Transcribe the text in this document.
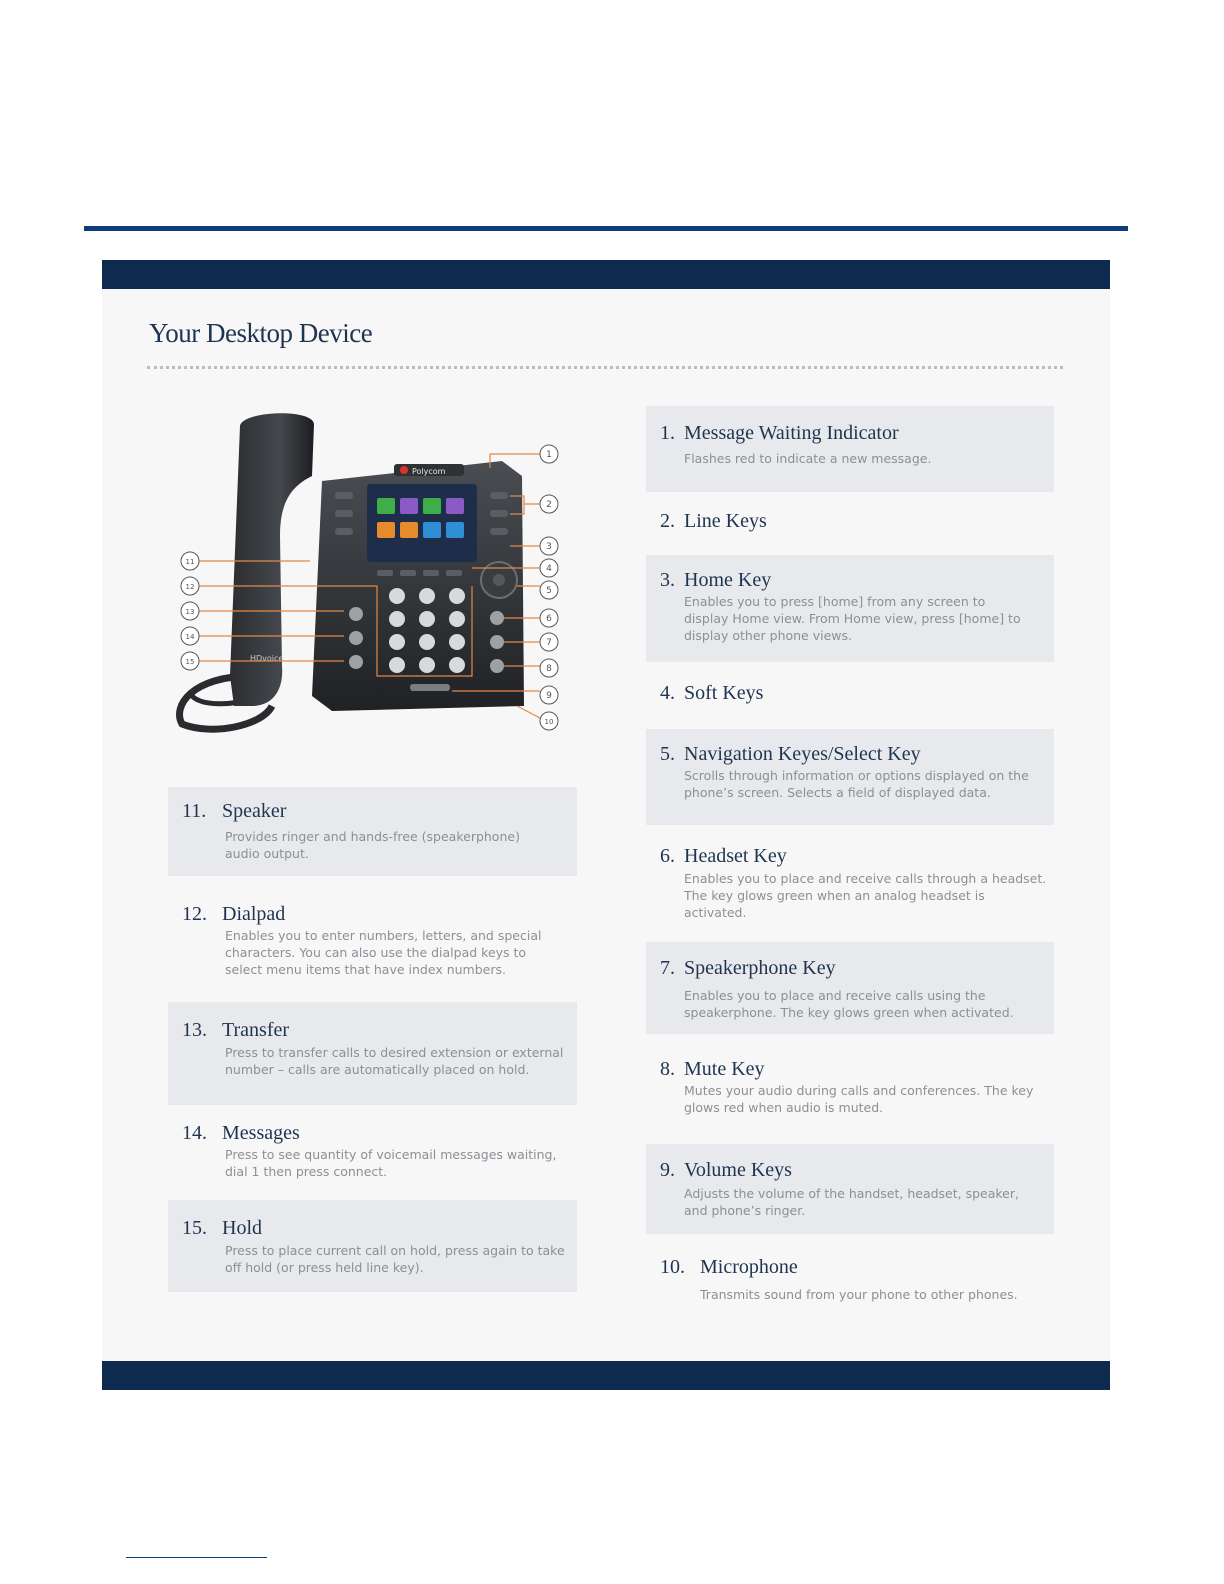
Your Desktop Device
HDvoice
Polycom
1
2
3
4
5
6
7
8
9
10
11
12
13
14
15
1. Message Waiting Indicator
Flashes red to indicate a new message.
2. Line Keys
3. Home Key
Enables you to press [home] from any screen to display Home view. From Home view, press [home] to display other phone views.
4. Soft Keys
5. Navigation Keyes/Select Key
Scrolls through information or options displayed on the phone’s screen. Selects a field of displayed data.
6. Headset Key
Enables you to place and receive calls through a headset. The key glows green when an analog headset is activated.
7. Speakerphone Key
Enables you to place and receive calls using the speakerphone. The key glows green when activated.
8. Mute Key
Mutes your audio during calls and conferences. The key glows red when audio is muted.
9. Volume Keys
Adjusts the volume of the handset, headset, speaker, and phone’s ringer.
10. Microphone
Transmits sound from your phone to other phones.
11. Speaker
Provides ringer and hands-free (speakerphone) audio output.
12. Dialpad
Enables you to enter numbers, letters, and special characters. You can also use the dialpad keys to select menu items that have index numbers.
13. Transfer
Press to transfer calls to desired extension or external number – calls are automatically placed on hold.
14. Messages
Press to see quantity of voicemail messages waiting, dial 1 then press connect.
15. Hold
Press to place current call on hold, press again to take off hold (or press held line key).
